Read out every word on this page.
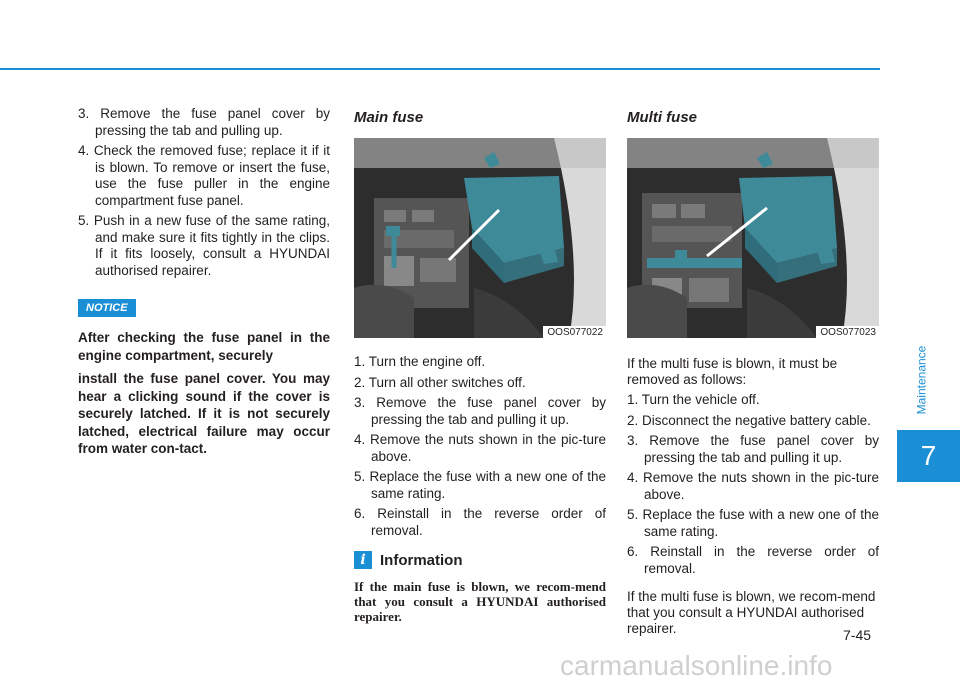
Maintenance
7
3. Remove the fuse panel cover by pressing the tab and pulling up.
4. Check the removed fuse; replace it if it is blown. To remove or insert the fuse, use the fuse puller in the engine compartment fuse panel.
5. Push in a new fuse of the same rating, and make sure it fits tightly in the clips. If it fits loosely, consult a HYUNDAI authorised repairer.
NOTICE

After checking the fuse panel in the engine compartment, securely

install the fuse panel cover. You may hear a clicking sound if the cover is securely latched. If it is not securely latched, electrical failure may occur from water con-tact.

Main fuse
OOS077022
1. Turn the engine off.
2. Turn all other switches off.
3. Remove the fuse panel cover by pressing the tab and pulling it up.
4. Remove the nuts shown in the pic-ture above.
5. Replace the fuse with a new one of the same rating.
6. Reinstall in the reverse order of removal.
i Information

If the main fuse is blown, we recom-mend that you consult a HYUNDAI authorised repairer.

Multi fuse
OOS077023

If the multi fuse is blown, it must be removed as follows:

1. Turn the vehicle off.
2. Disconnect the negative battery cable.
3. Remove the fuse panel cover by pressing the tab and pulling it up.
4. Remove the nuts shown in the pic-ture above.
5. Replace the fuse with a new one of the same rating.
6. Reinstall in the reverse order of removal.

If the multi fuse is blown, we recom-mend that you consult a HYUNDAI authorised repairer.	7-45
carmanualsonline.info
